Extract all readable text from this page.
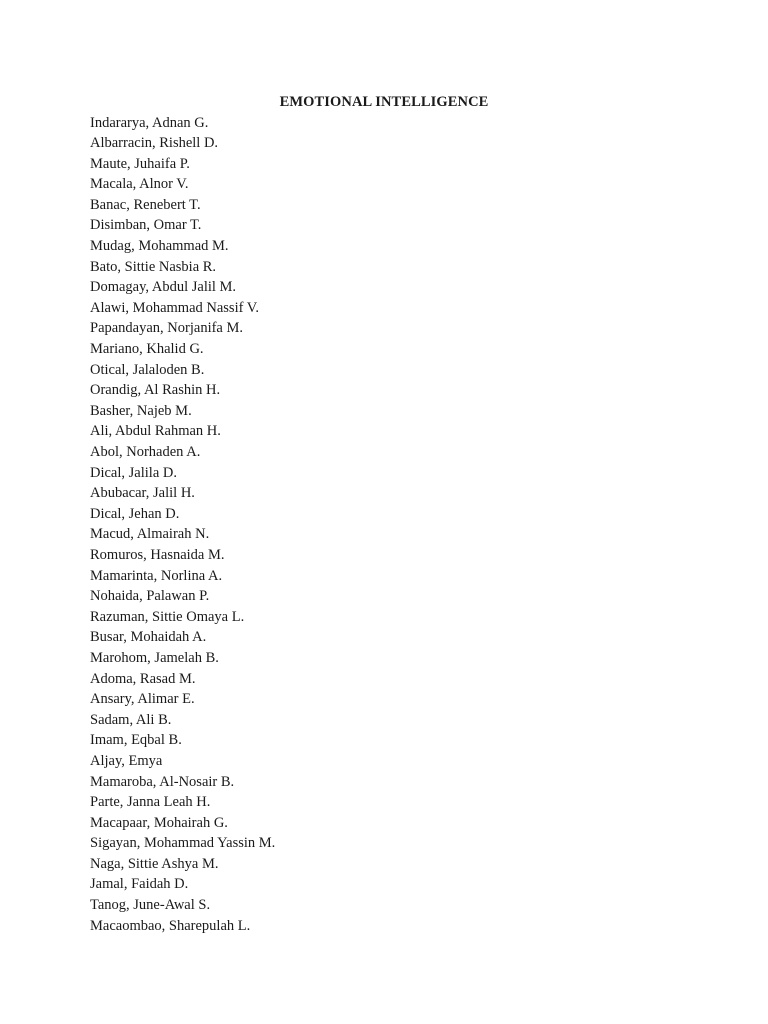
EMOTIONAL INTELLIGENCE
Indararya, Adnan G.
Albarracin, Rishell D.
Maute, Juhaifa P.
Macala, Alnor V.
Banac, Renebert T.
Disimban, Omar T.
Mudag, Mohammad M.
Bato, Sittie Nasbia R.
Domagay, Abdul Jalil M.
Alawi, Mohammad Nassif V.
Papandayan, Norjanifa M.
Mariano, Khalid G.
Otical, Jalaloden B.
Orandig, Al Rashin H.
Basher, Najeb M.
Ali, Abdul Rahman H.
Abol, Norhaden A.
Dical, Jalila D.
Abubacar, Jalil H.
Dical, Jehan D.
Macud, Almairah N.
Romuros, Hasnaida M.
Mamarinta, Norlina A.
Nohaida, Palawan P.
Razuman, Sittie Omaya L.
Busar, Mohaidah A.
Marohom, Jamelah B.
Adoma, Rasad M.
Ansary, Alimar E.
Sadam, Ali B.
Imam, Eqbal B.
Aljay, Emya
Mamaroba, Al-Nosair B.
Parte, Janna Leah H.
Macapaar, Mohairah G.
Sigayan, Mohammad Yassin M.
Naga, Sittie Ashya M.
Jamal, Faidah D.
Tanog, June-Awal S.
Macaombao, Sharepulah L.
